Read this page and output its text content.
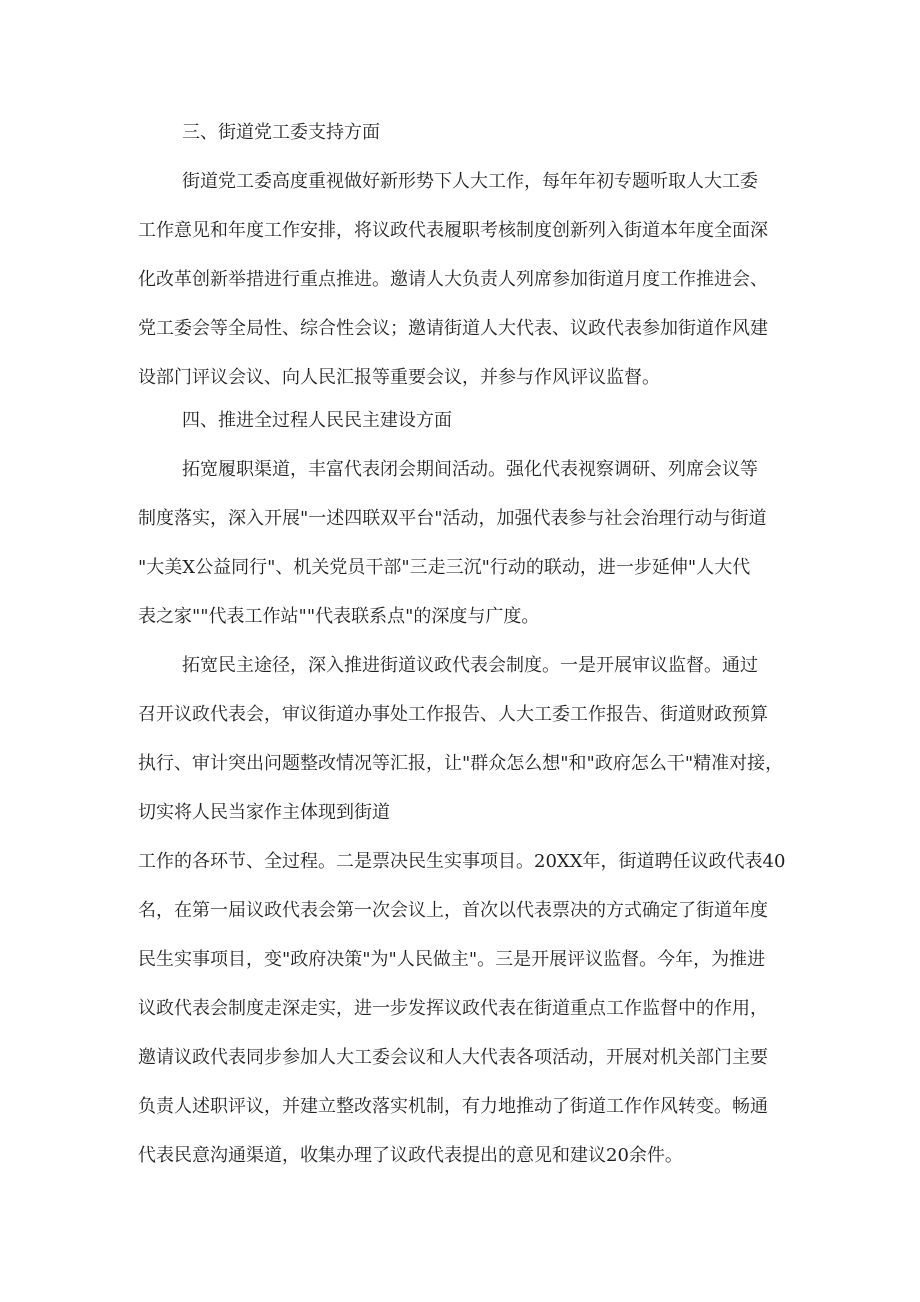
三、街道党工委支持方面
街道党工委高度重视做好新形势下人大工作，每年年初专题听取人大工委
工作意见和年度工作安排，将议政代表履职考核制度创新列入街道本年度全面深
化改革创新举措进行重点推进。邀请人大负责人列席参加街道月度工作推进会、
党工委会等全局性、综合性会议；邀请街道人大代表、议政代表参加街道作风建
设部门评议会议、向人民汇报等重要会议，并参与作风评议监督。
四、推进全过程人民民主建设方面
拓宽履职渠道，丰富代表闭会期间活动。强化代表视察调研、列席会议等
制度落实，深入开展"一述四联双平台"活动，加强代表参与社会治理行动与街道
"大美X公益同行"、机关党员干部"三走三沉"行动的联动，进一步延伸"人大代
表之家""代表工作站""代表联系点"的深度与广度。
拓宽民主途径，深入推进街道议政代表会制度。一是开展审议监督。通过
召开议政代表会，审议街道办事处工作报告、人大工委工作报告、街道财政预算
执行、审计突出问题整改情况等汇报，让"群众怎么想"和"政府怎么干"精准对接，
切实将人民当家作主体现到街道
工作的各环节、全过程。二是票决民生实事项目。20XX年，街道聘任议政代表40
名，在第一届议政代表会第一次会议上，首次以代表票决的方式确定了街道年度
民生实事项目，变"政府决策"为"人民做主"。三是开展评议监督。今年，为推进
议政代表会制度走深走实，进一步发挥议政代表在街道重点工作监督中的作用，
邀请议政代表同步参加人大工委会议和人大代表各项活动，开展对机关部门主要
负责人述职评议，并建立整改落实机制，有力地推动了街道工作作风转变。畅通
代表民意沟通渠道，收集办理了议政代表提出的意见和建议20余件。
